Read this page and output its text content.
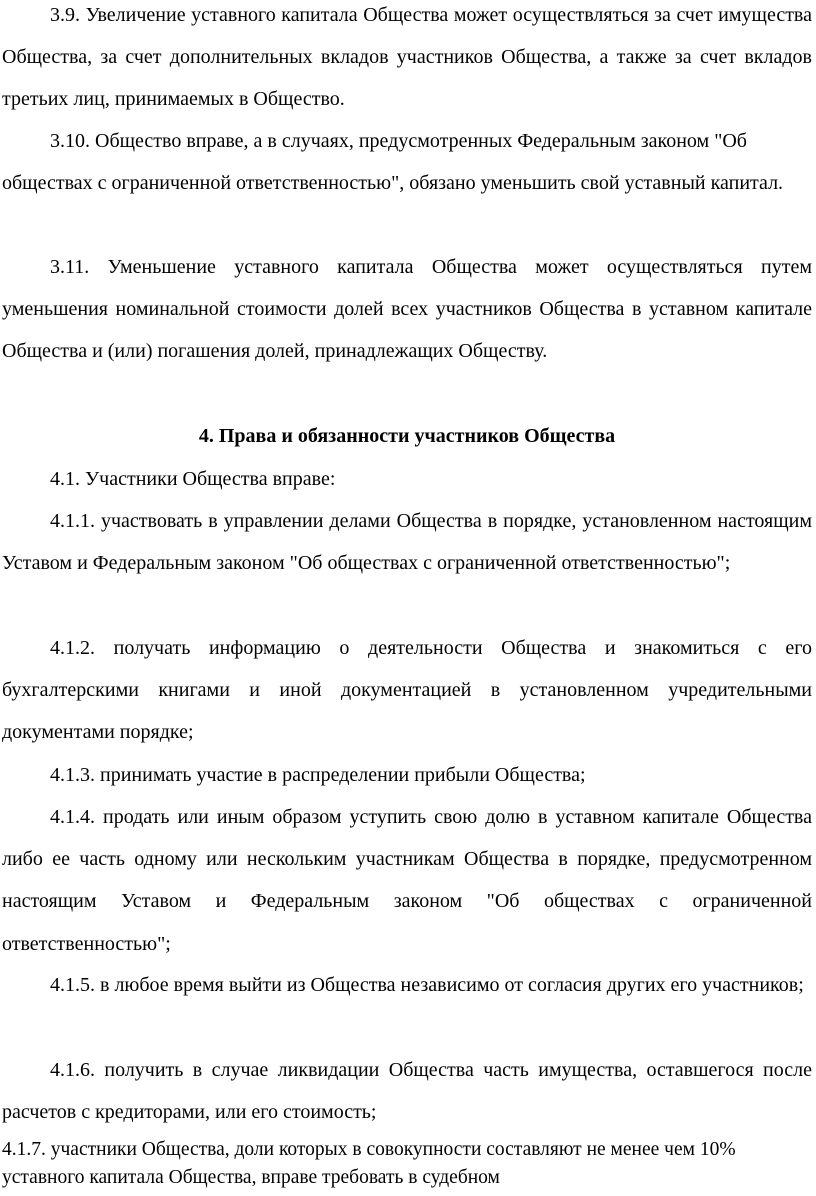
3.9. Увеличение уставного капитала Общества может осуществляться за счет имущества Общества, за счет дополнительных вкладов участников Общества, а также за счет вкладов третьих лиц, принимаемых в Общество.

3.10. Общество вправе, а в случаях, предусмотренных Федеральным законом "Об обществах с ограниченной ответственностью", обязано уменьшить свой уставный капитал.

3.11. Уменьшение уставного капитала Общества может осуществляться путем уменьшения номинальной стоимости долей всех участников Общества в уставном капитале Общества и (или) погашения долей, принадлежащих Обществу.

4. Права и обязанности участников Общества

4.1. Участники Общества вправе:

4.1.1. участвовать в управлении делами Общества в порядке, установленном настоящим Уставом и Федеральным законом "Об обществах с ограниченной ответственностью";

4.1.2. получать информацию о деятельности Общества и знакомиться с его бухгалтерскими книгами и иной документацией в установленном учредительными документами порядке;

4.1.3. принимать участие в распределении прибыли Общества;

4.1.4. продать или иным образом уступить свою долю в уставном капитале Общества либо ее часть одному или нескольким участникам Общества в порядке, предусмотренном настоящим Уставом и Федеральным законом "Об обществах с ограниченной ответственностью";

4.1.5. в любое время выйти из Общества независимо от согласия других его участников;

4.1.6. получить в случае ликвидации Общества часть имущества, оставшегося после расчетов с кредиторами, или его стоимость;

4.1.7. участники Общества, доли которых в совокупности составляют не менее чем 10% уставного капитала Общества, вправе требовать в судебном
